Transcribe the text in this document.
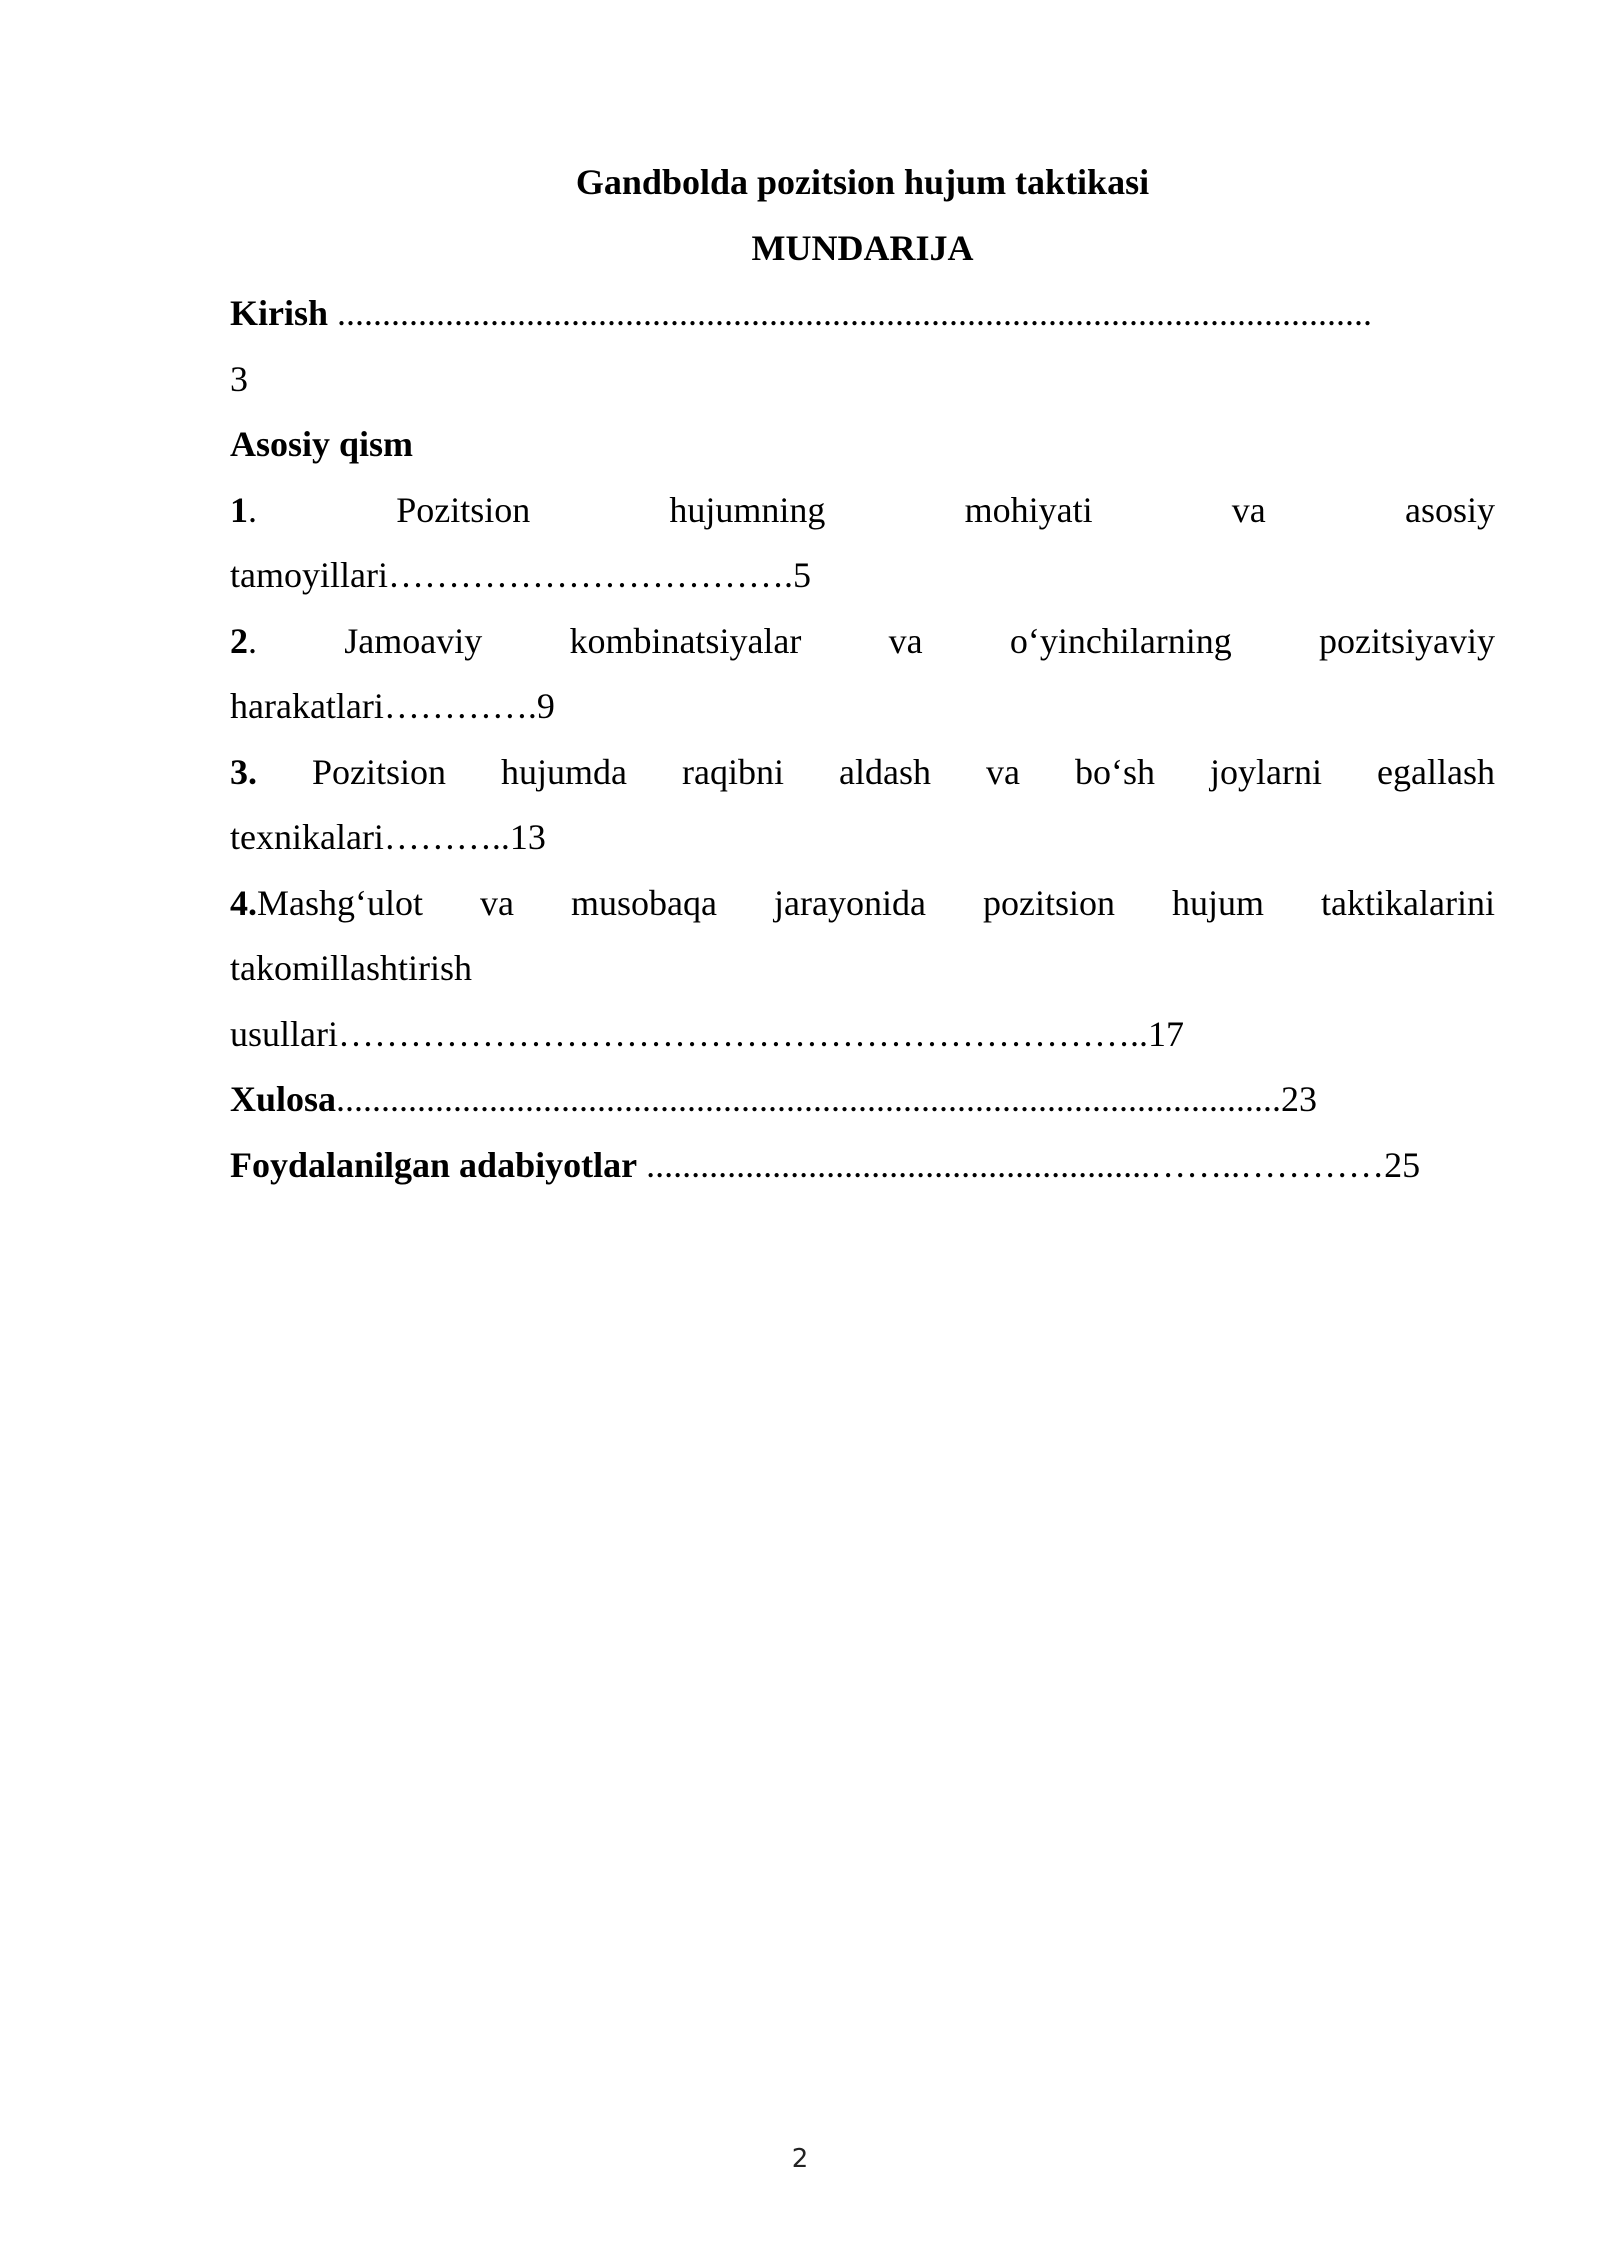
Gandbolda pozitsion hujum taktikasi

MUNDARIJA

Kirish ...................................................................................................................

3

Asosiy qism

1. Pozitsion hujumning mohiyati va asosiy

tamoyillari…………………………….5

2. Jamoaviy kombinatsiyalar va o‘yinchilarning pozitsiyaviy

harakatlari………….9

3. Pozitsion hujumda raqibni aldash va bo‘sh joylarni egallash

texnikalari………..13

4.Mashg‘ulot va musobaqa jarayonida pozitsion hujum taktikalarini

takomillashtirish

usullari…………………………………………………………..17

Xulosa.........................................................................................................23

Foydalanilgan adabiyotlar ........................................................……..…………25

2
